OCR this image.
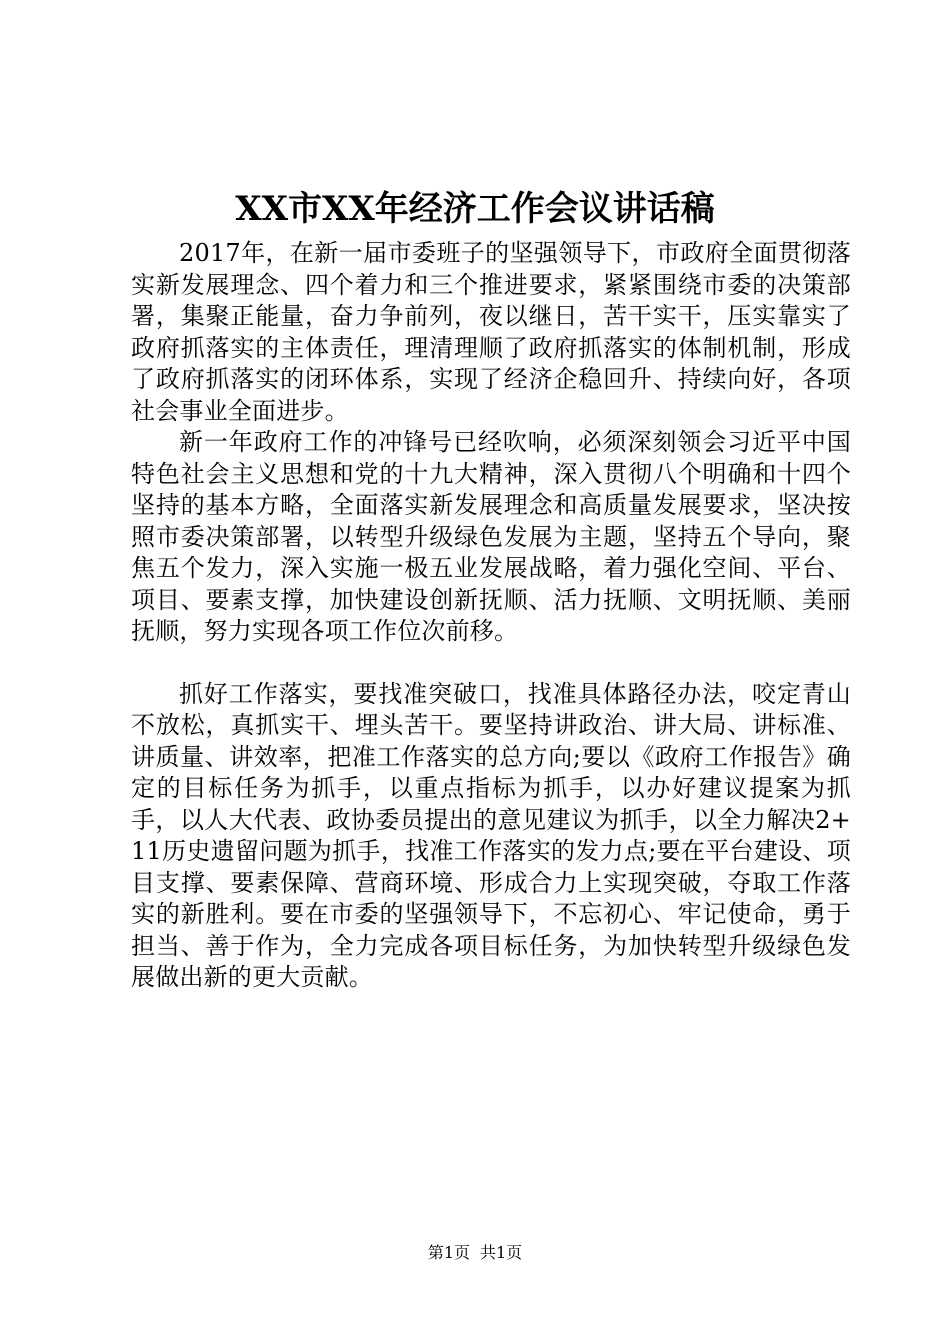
XX市XX年经济工作会议讲话稿

2017年，在新一届市委班子的坚强领导下，市政府全面贯彻落实新发展理念、四个着力和三个推进要求，紧紧围绕市委的决策部署，集聚正能量，奋力争前列，夜以继日，苦干实干，压实靠实了政府抓落实的主体责任，理清理顺了政府抓落实的体制机制，形成了政府抓落实的闭环体系，实现了经济企稳回升、持续向好，各项社会事业全面进步。

新一年政府工作的冲锋号已经吹响，必须深刻领会习近平中国特色社会主义思想和党的十九大精神，深入贯彻八个明确和十四个坚持的基本方略，全面落实新发展理念和高质量发展要求，坚决按照市委决策部署，以转型升级绿色发展为主题，坚持五个导向，聚焦五个发力，深入实施一极五业发展战略，着力强化空间、平台、项目、要素支撑，加快建设创新抚顺、活力抚顺、文明抚顺、美丽抚顺，努力实现各项工作位次前移。

抓好工作落实，要找准突破口，找准具体路径办法，咬定青山不放松，真抓实干、埋头苦干。要坚持讲政治、讲大局、讲标准、讲质量、讲效率，把准工作落实的总方向;要以《政府工作报告》确定的目标任务为抓手，以重点指标为抓手，以办好建议提案为抓手，以人大代表、政协委员提出的意见建议为抓手，以全力解决2+11历史遗留问题为抓手，找准工作落实的发力点;要在平台建设、项目支撑、要素保障、营商环境、形成合力上实现突破，夺取工作落实的新胜利。要在市委的坚强领导下，不忘初心、牢记使命，勇于担当、善于作为，全力完成各项目标任务，为加快转型升级绿色发展做出新的更大贡献。

第1页 共1页
